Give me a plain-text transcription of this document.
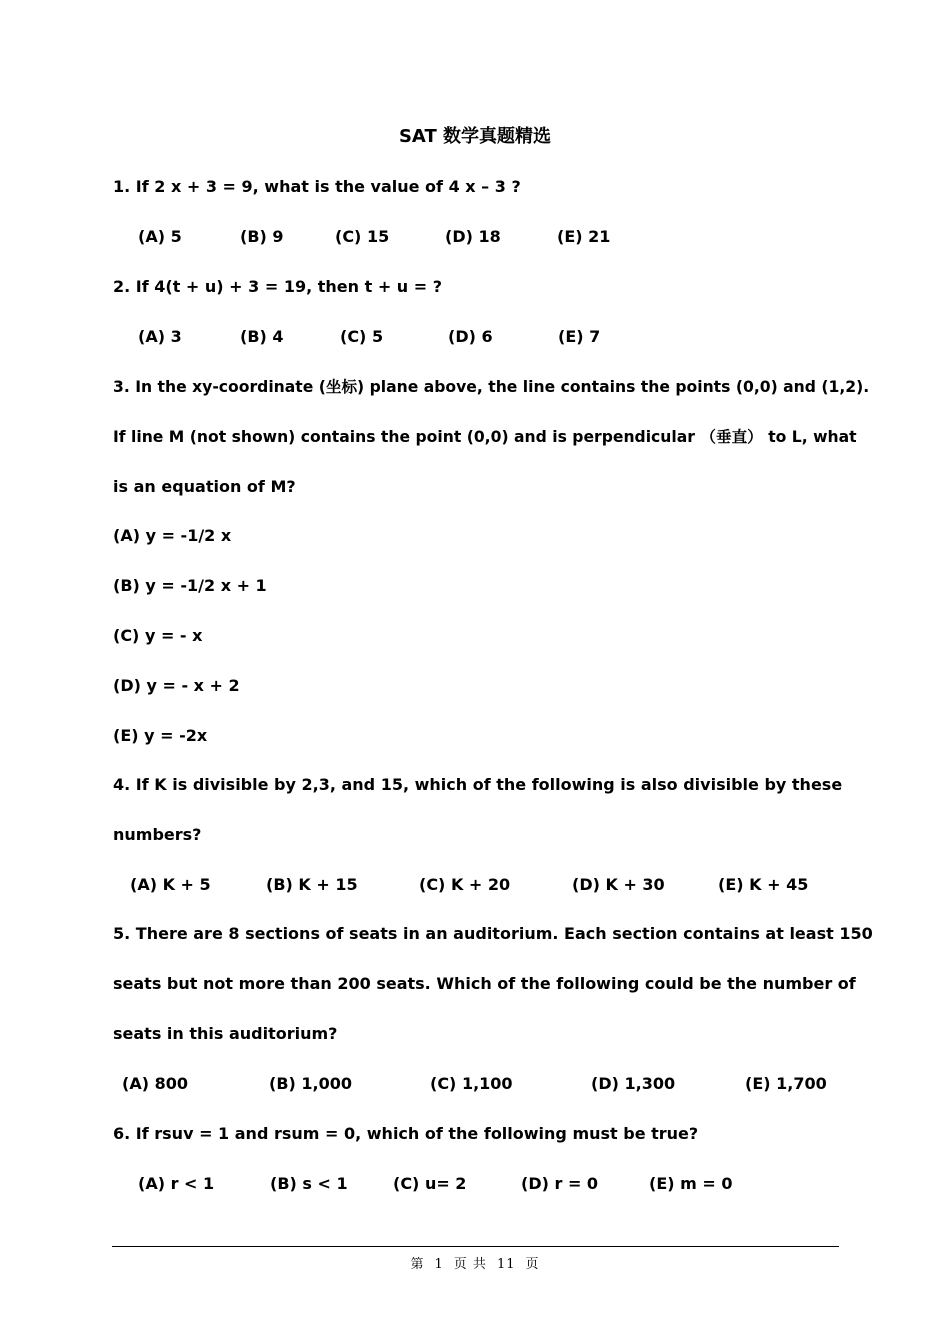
SAT 数学真题精选
1. If 2 x + 3 = 9, what is the value of 4 x – 3 ?
(A) 5	(B) 9	(C) 15	(D) 18	(E) 21
2. If 4(t + u) + 3 = 19, then t + u = ?
(A) 3	(B) 4	(C) 5	(D) 6	(E) 7
3. In the xy-coordinate (坐标) plane above, the line contains the points (0,0) and (1,2).
If line M (not shown) contains the point (0,0) and is perpendicular （垂直） to L, what
is an equation of M?
(A) y = -1/2 x
(B) y = -1/2 x + 1
(C) y = - x
(D) y = - x + 2
(E) y = -2x
4. If K is divisible by 2,3, and 15, which of the following is also divisible by these
numbers?
(A) K + 5	(B) K + 15	(C) K + 20	(D) K + 30	(E) K + 45
5. There are 8 sections of seats in an auditorium. Each section contains at least 150
seats but not more than 200 seats. Which of the following could be the number of
seats in this auditorium?
(A) 800	(B) 1,000	(C) 1,100	(D) 1,300	(E) 1,700
6. If rsuv = 1 and rsum = 0, which of the following must be true?
(A) r < 1	(B) s < 1	(C) u= 2	(D) r = 0	(E) m = 0
第 1 页 共 11 页
